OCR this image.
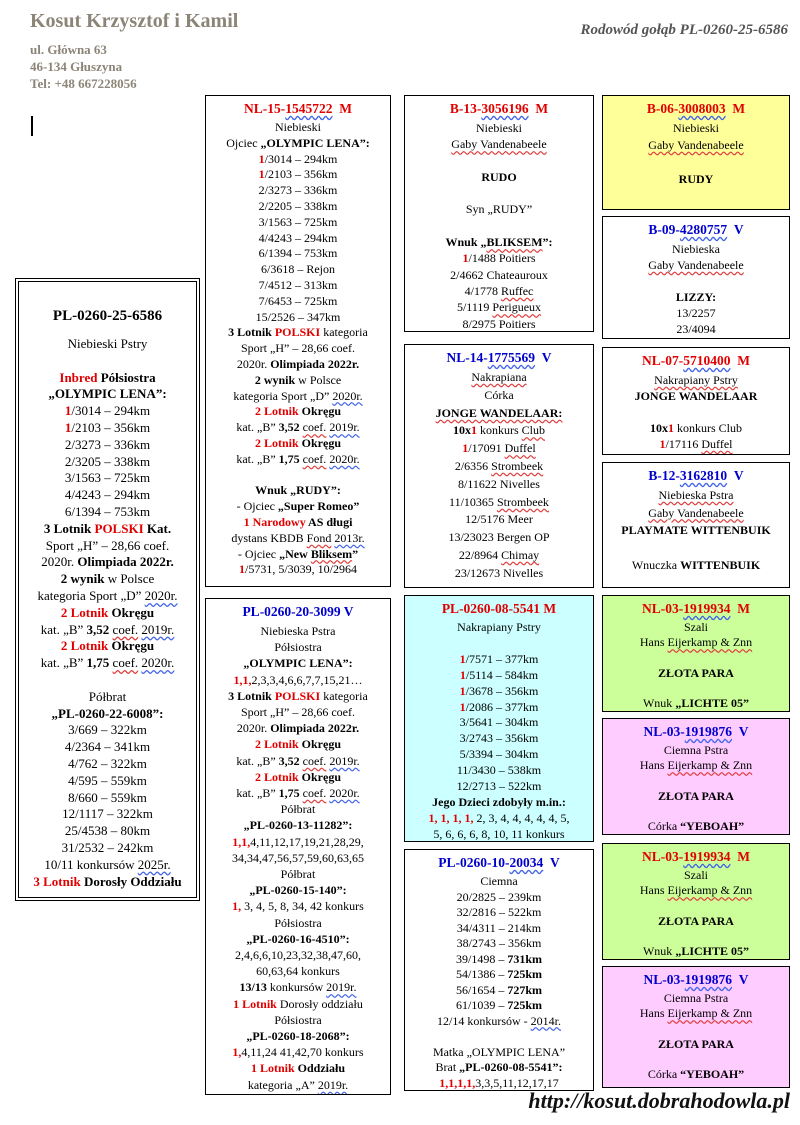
Kosut Krzysztof i Kamil
ul. Główna 63
46-134 Głuszyna
Tel: +48 667228056
Rodowód gołąb PL-0260-25-6586
PL-0260-25-6586
Niebieski Pstry

Inbred Półsiostra
„OLYMPIC LENA”:
1/3014 – 294km
1/2103 – 356km
2/3273 – 336km
2/3205 – 338km
3/1563 – 725km
4/4243 – 294km
6/1394 – 753km
3 Lotnik POLSKI Kat.
Sport „H” – 28,66 coef.
2020r. Olimpiada 2022r.
2 wynik w Polsce
kategoria Sport „D” 2020r.
2 Lotnik Okręgu
kat. „B” 3,52 coef. 2019r.
2 Lotnik Okręgu
kat. „B” 1,75 coef. 2020r.

Półbrat
„PL-0260-22-6008”:
3/669 – 322km
4/2364 – 341km
4/762 – 322km
4/595 – 559km
8/660 – 559km
12/1117 – 322km
25/4538 – 80km
31/2532 – 242km
10/11 konkursów 2025r.
3 Lotnik Dorosły Oddziału
NL-15-1545722  M
Niebieski
Ojciec „OLYMPIC LENA”:
1/3014 – 294km
1/2103 – 356km
2/3273 – 336km
2/2205 – 338km
3/1563 – 725km
4/4243 – 294km
6/1394 – 753km
6/3618 – Rejon
7/4512 – 313km
7/6453 – 725km
15/2526 – 347km
3 Lotnik POLSKI kategoria
Sport „H” – 28,66 coef.
2020r. Olimpiada 2022r.
2 wynik w Polsce
kategoria Sport „D” 2020r.
2 Lotnik Okręgu
kat. „B” 3,52 coef. 2019r.
2 Lotnik Okręgu
kat. „B” 1,75 coef. 2020r.

Wnuk „RUDY”:
- Ojciec „Super Romeo”
1 Narodowy AS długi
dystans KBDB Fond 2013r.
- Ojciec „New Bliksem”
1/5731, 5/3039, 10/2964
PL-0260-20-3099 V
Niebieska Pstra
Półsiostra
„OLYMPIC LENA”:
1,1,2,3,3,4,6,6,7,7,15,21…
3 Lotnik POLSKI kategoria
Sport „H” – 28,66 coef.
2020r. Olimpiada 2022r.
2 Lotnik Okręgu
kat. „B” 3,52 coef. 2019r.
2 Lotnik Okręgu
kat. „B” 1,75 coef. 2020r.
Półbrat
„PL-0260-13-11282”:
1,1,4,11,12,17,19,21,28,29,
34,34,47,56,57,59,60,63,65
Półbrat
„PL-0260-15-140”:
1, 3, 4, 5, 8, 34, 42 konkurs
Półsiostra
„PL-0260-16-4510”:
2,4,6,6,10,23,32,38,47,60,
60,63,64 konkurs
13/13 konkursów 2019r.
1 Lotnik Dorosły oddziału
Półsiostra
„PL-0260-18-2068”:
1,4,11,24 41,42,70 konkurs
1 Lotnik Oddziału
kategoria „A” 2019r.
B-13-3056196  M
Niebieski
Gaby Vandenabeele

RUDO

Syn „RUDY”

Wnuk „BLIKSEM”:
1/1488 Poitiers
2/4662 Chateauroux
4/1778 Ruffec
5/1119 Perigueux
8/2975 Poitiers
NL-14-1775569  V
Nakrapiana
Córka
JONGE WANDELAAR:
10x1 konkurs Club
1/17091 Duffel
2/6356 Strombeek
8/11622 Nivelles
11/10365 Strombeek
12/5176 Meer
13/23023 Bergen OP
22/8964 Chimay
23/12673 Nivelles
PL-0260-08-5541 M
Nakrapiany Pstry

1/7571 – 377km
1/5114 – 584km
1/3678 – 356km
1/2086 – 377km
3/5641 – 304km
3/2743 – 356km
5/3394 – 304km
11/3430 – 538km
12/2713 – 522km
Jego Dzieci zdobyły m.in.:
1, 1, 1, 1, 2, 3, 4, 4, 4, 4, 4, 5,
5, 6, 6, 6, 8, 10, 11 konkurs
PL-0260-10-20034  V
Ciemna
20/2825 – 239km
32/2816 – 522km
34/4311 – 214km
38/2743 – 356km
39/1498 – 731km
54/1386 – 725km
56/1654 – 727km
61/1039 – 725km
12/14 konkursów - 2014r.

Matka „OLYMPIC LENA”
Brat „PL-0260-08-5541”:
1,1,1,1,3,3,5,11,12,17,17
B-06-3008003  M
Niebieski
Gaby Vandenabeele

RUDY
B-09-4280757  V
Niebieska
Gaby Vandenabeele

LIZZY:
13/2257
23/4094
NL-07-5710400  M
Nakrapiany Pstry
JONGE WANDELAAR

10x1 konkurs Club
1/17116 Duffel
B-12-3162810  V
Niebieska Pstra
Gaby Vandenabeele
PLAYMATE WITTENBUIK

Wnuczka WITTENBUIK
NL-03-1919934  M
Szali
Hans Eijerkamp & Znn

ZŁOTA PARA

Wnuk „LICHTE 05”
NL-03-1919876  V
Ciemna Pstra
Hans Eijerkamp & Znn

ZŁOTA PARA

Córka “YEBOAH”
NL-03-1919934  M
Szali
Hans Eijerkamp & Znn

ZŁOTA PARA

Wnuk „LICHTE 05”
NL-03-1919876  V
Ciemna Pstra
Hans Eijerkamp & Znn

ZŁOTA PARA

Córka “YEBOAH”
http://kosut.dobrahodowla.pl
